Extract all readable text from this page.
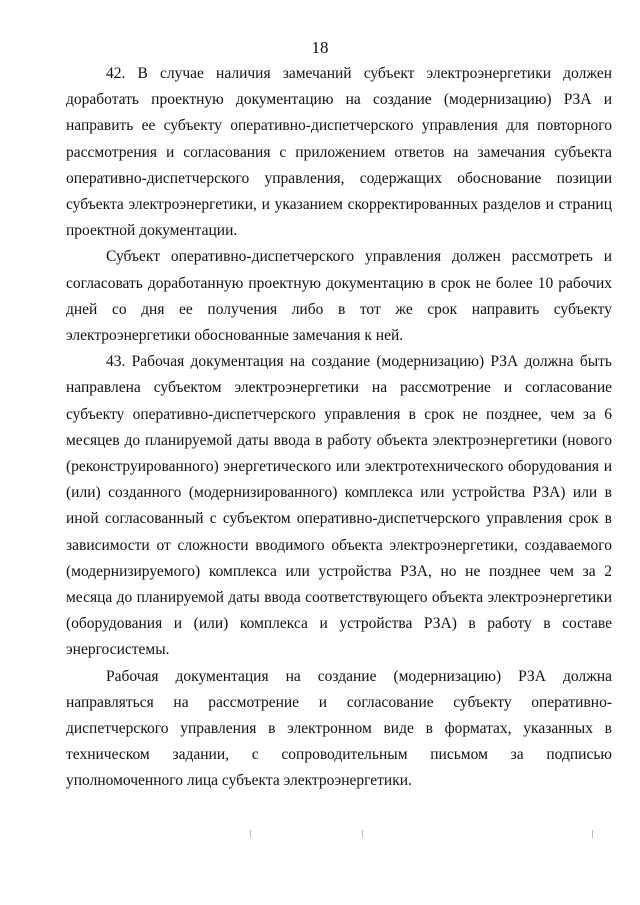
18

42. В случае наличия замечаний субъект электроэнергетики должен доработать проектную документацию на создание (модернизацию) РЗА и направить ее субъекту оперативно-диспетчерского управления для повторного рассмотрения и согласования с приложением ответов на замечания субъекта оперативно-диспетчерского управления, содержащих обоснование позиции субъекта электроэнергетики, и указанием скорректированных разделов и страниц проектной документации.

Субъект оперативно-диспетчерского управления должен рассмотреть и согласовать доработанную проектную документацию в срок не более 10 рабочих дней со дня ее получения либо в тот же срок направить субъекту электроэнергетики обоснованные замечания к ней.

43. Рабочая документация на создание (модернизацию) РЗА должна быть направлена субъектом электроэнергетики на рассмотрение и согласование субъекту оперативно-диспетчерского управления в срок не позднее, чем за 6 месяцев до планируемой даты ввода в работу объекта электроэнергетики (нового (реконструированного) энергетического или электротехнического оборудования и (или) созданного (модернизированного) комплекса или устройства РЗА) или в иной согласованный с субъектом оперативно-диспетчерского управления срок в зависимости от сложности вводимого объекта электроэнергетики, создаваемого (модернизируемого) комплекса или устройства РЗА, но не позднее чем за 2 месяца до планируемой даты ввода соответствующего объекта электроэнергетики (оборудования и (или) комплекса и устройства РЗА) в работу в составе энергосистемы.

Рабочая документация на создание (модернизацию) РЗА должна направляться на рассмотрение и согласование субъекту оперативно-диспетчерского управления в электронном виде в форматах, указанных в техническом задании, с сопроводительным письмом за подписью уполномоченного лица субъекта электроэнергетики.
